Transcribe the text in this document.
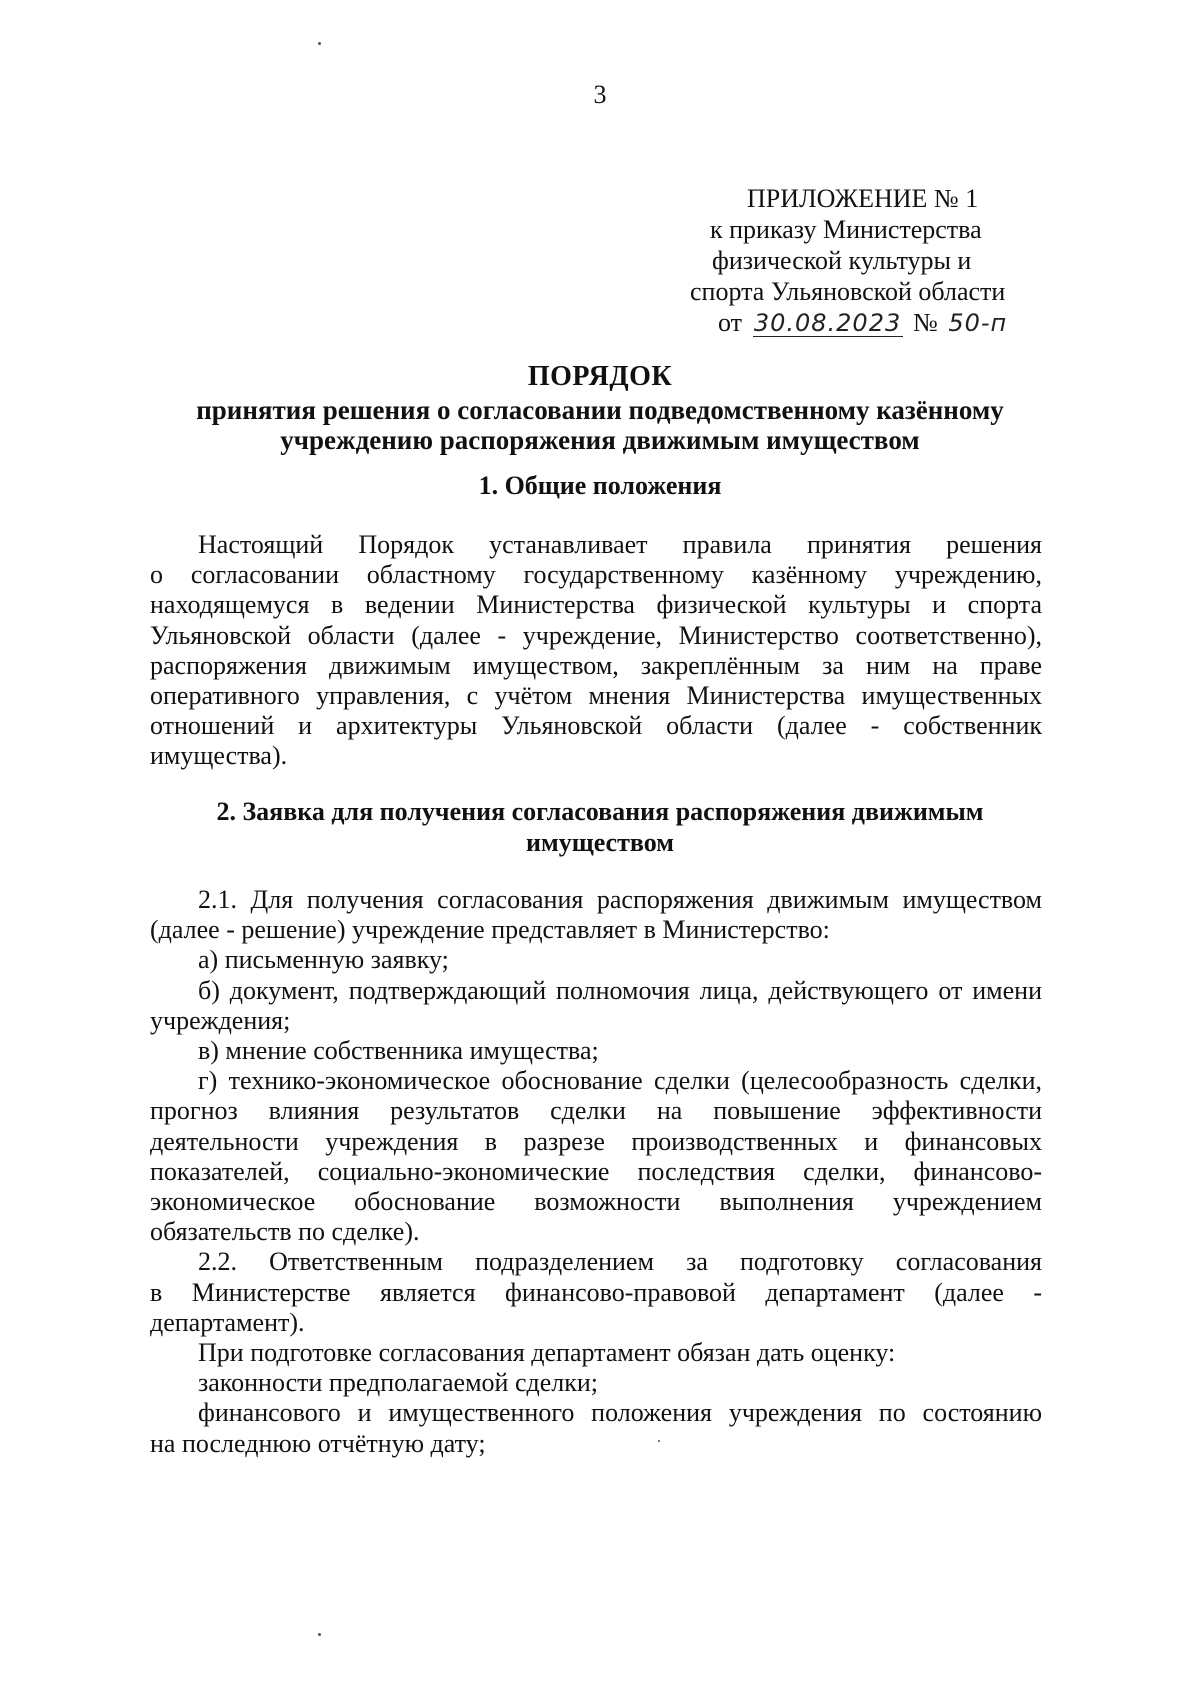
3
ПРИЛОЖЕНИЕ № 1
к приказу Министерства
физической культуры и
спорта Ульяновской области
от 30.08.2023 № 50-п
ПОРЯДОК
принятия решения о согласовании подведомственному казённому
учреждению распоряжения движимым имуществом
1. Общие положения
Настоящий Порядок устанавливает правила принятия решения
о согласовании областному государственному казённому учреждению,
находящемуся в ведении Министерства физической культуры и спорта
Ульяновской области (далее - учреждение, Министерство соответственно),
распоряжения движимым имуществом, закреплённым за ним на праве
оперативного управления, с учётом мнения Министерства имущественных
отношений и архитектуры Ульяновской области (далее - собственник
имущества).
2. Заявка для получения согласования распоряжения движимым
имуществом
2.1. Для получения согласования распоряжения движимым имуществом
(далее - решение) учреждение представляет в Министерство:
а) письменную заявку;
б) документ, подтверждающий полномочия лица, действующего от имени
учреждения;
в) мнение собственника имущества;
г) технико-экономическое обоснование сделки (целесообразность сделки,
прогноз влияния результатов сделки на повышение эффективности
деятельности учреждения в разрезе производственных и финансовых
показателей, социально-экономические последствия сделки, финансово-
экономическое обоснование возможности выполнения учреждением
обязательств по сделке).
2.2. Ответственным подразделением за подготовку согласования
в Министерстве является финансово-правовой департамент (далее -
департамент).
При подготовке согласования департамент обязан дать оценку:
законности предполагаемой сделки;
финансового и имущественного положения учреждения по состоянию
на последнюю отчётную дату;
